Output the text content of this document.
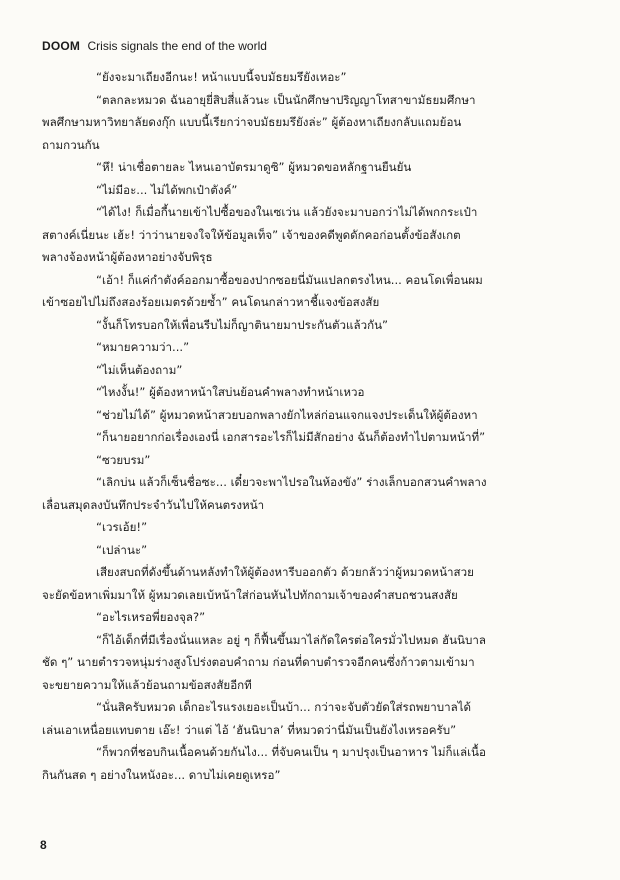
DOOM Crisis signals the end of the world

“ยังจะมาเถียงอีกนะ! หน้าแบบนี้จบมัธยมรึยังเหอะ”

“ตลกละหมวด ฉันอายุยี่สิบสี่แล้วนะ เป็นนักศึกษาปริญญาโทสาขามัธยมศึกษา

พลศึกษามหาวิทยาลัยดงกุ๊ก แบบนี้เรียกว่าจบมัธยมรึยังล่ะ” ผู้ต้องหาเถียงกลับแถมย้อน

ถามกวนกัน

“หึ! น่าเชื่อตายละ ไหนเอาบัตรมาดูซิ” ผู้หมวดขอหลักฐานยืนยัน

“ไม่มีอะ... ไม่ได้พกเป๋าตังค์”

“ได้ไง! ก็เมื่อกี้นายเข้าไปซื้อของในเซเว่น แล้วยังจะมาบอกว่าไม่ได้พกกระเป๋า

สตางค์เนี่ยนะ เฮ้ะ! ว่าว่านายจงใจให้ข้อมูลเท็จ” เจ้าของคดีพูดดักคอก่อนตั้งข้อสังเกต

พลางจ้องหน้าผู้ต้องหาอย่างจับพิรุธ

“เอ้า! ก็แค่กำตังค์ออกมาซื้อของปากซอยนี่มันแปลกตรงไหน... คอนโดเพื่อนผม

เข้าซอยไปไม่ถึงสองร้อยเมตรด้วยซ้ำ” คนโดนกล่าวหาชี้แจงข้อสงสัย

“งั้นก็โทรบอกให้เพื่อนรีบไม่ก็ญาตินายมาประกันตัวแล้วกัน”

“หมายความว่า...”

“ไม่เห็นต้องถาม”

“ไหงงั้น!” ผู้ต้องหาหน้าใสบ่นย้อนคำพลางทำหน้าเหวอ

“ช่วยไม่ได้” ผู้หมวดหน้าสวยบอกพลางยักไหล่ก่อนแจกแจงประเด็นให้ผู้ต้องหา

“ก็นายอยากก่อเรื่องเองนี่ เอกสารอะไรก็ไม่มีสักอย่าง ฉันก็ต้องทำไปตามหน้าที่”

“ซวยบรม”

“เลิกบ่น แล้วก็เซ็นชื่อซะ... เดี๋ยวจะพาไปรอในห้องขัง” ร่างเล็กบอกสวนคำพลาง

เลื่อนสมุดลงบันทึกประจำวันไปให้คนตรงหน้า

“เวรเอ้ย!”

“เปล่านะ”

เสียงสบถที่ดังขึ้นด้านหลังทำให้ผู้ต้องหารีบออกตัว ด้วยกลัวว่าผู้หมวดหน้าสวย

จะยัดข้อหาเพิ่มมาให้ ผู้หมวดเลยเบ้หน้าใส่ก่อนหันไปทักถามเจ้าของคำสบถชวนสงสัย

“อะไรเหรอพี่ยองจุล?”

“ก็ไอ้เด็กที่มีเรื่องนั่นแหละ อยู่ ๆ ก็ฟื้นขึ้นมาไล่กัดใครต่อใครมั่วไปหมด ฮันนิบาล

ชัด ๆ” นายตำรวจหนุ่มร่างสูงโปร่งตอบคำถาม ก่อนที่ดาบตำรวจอีกคนซึ่งก้าวตามเข้ามา

จะขยายความให้แล้วย้อนถามข้อสงสัยอีกที

“นั่นสิครับหมวด เด็กอะไรแรงเยอะเป็นบ้า... กว่าจะจับตัวยัดใส่รถพยาบาลได้

เล่นเอาเหนื่อยแทบตาย เอ๊ะ! ว่าแต่ ไอ้ ‘ฮันนิบาล’ ที่หมวดว่านี่มันเป็นยังไงเหรอครับ”

“ก็พวกที่ชอบกินเนื้อคนด้วยกันไง... ที่จับคนเป็น ๆ มาปรุงเป็นอาหาร ไม่ก็แล่เนื้อ

กินกันสด ๆ อย่างในหนังอะ... ดาบไม่เคยดูเหรอ”

8
